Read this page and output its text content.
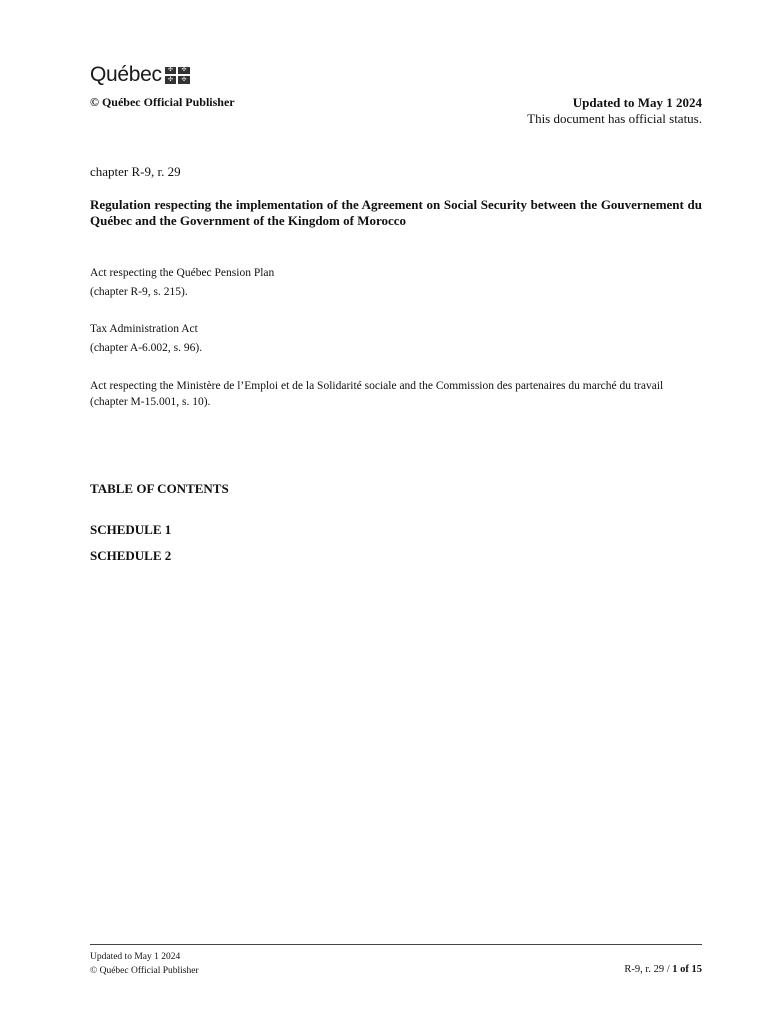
Québec	✣	✣
✣	✣
© Québec Official Publisher	Updated to May 1 2024
This document has official status.
chapter R-9, r. 29
Regulation respecting the implementation of the Agreement on Social Security between the Gouvernement du Québec and the Government of the Kingdom of Morocco
Act respecting the Québec Pension Plan
(chapter R-9, s. 215).
Tax Administration Act
(chapter A-6.002, s. 96).
Act respecting the Ministère de l’Emploi et de la Solidarité sociale and the Commission des partenaires du marché du travail
(chapter M-15.001, s. 10).
TABLE OF CONTENTS
SCHEDULE 1
SCHEDULE 2
Updated to May 1 2024
© Québec Official Publisher	R-9, r. 29 / 1 of 15
